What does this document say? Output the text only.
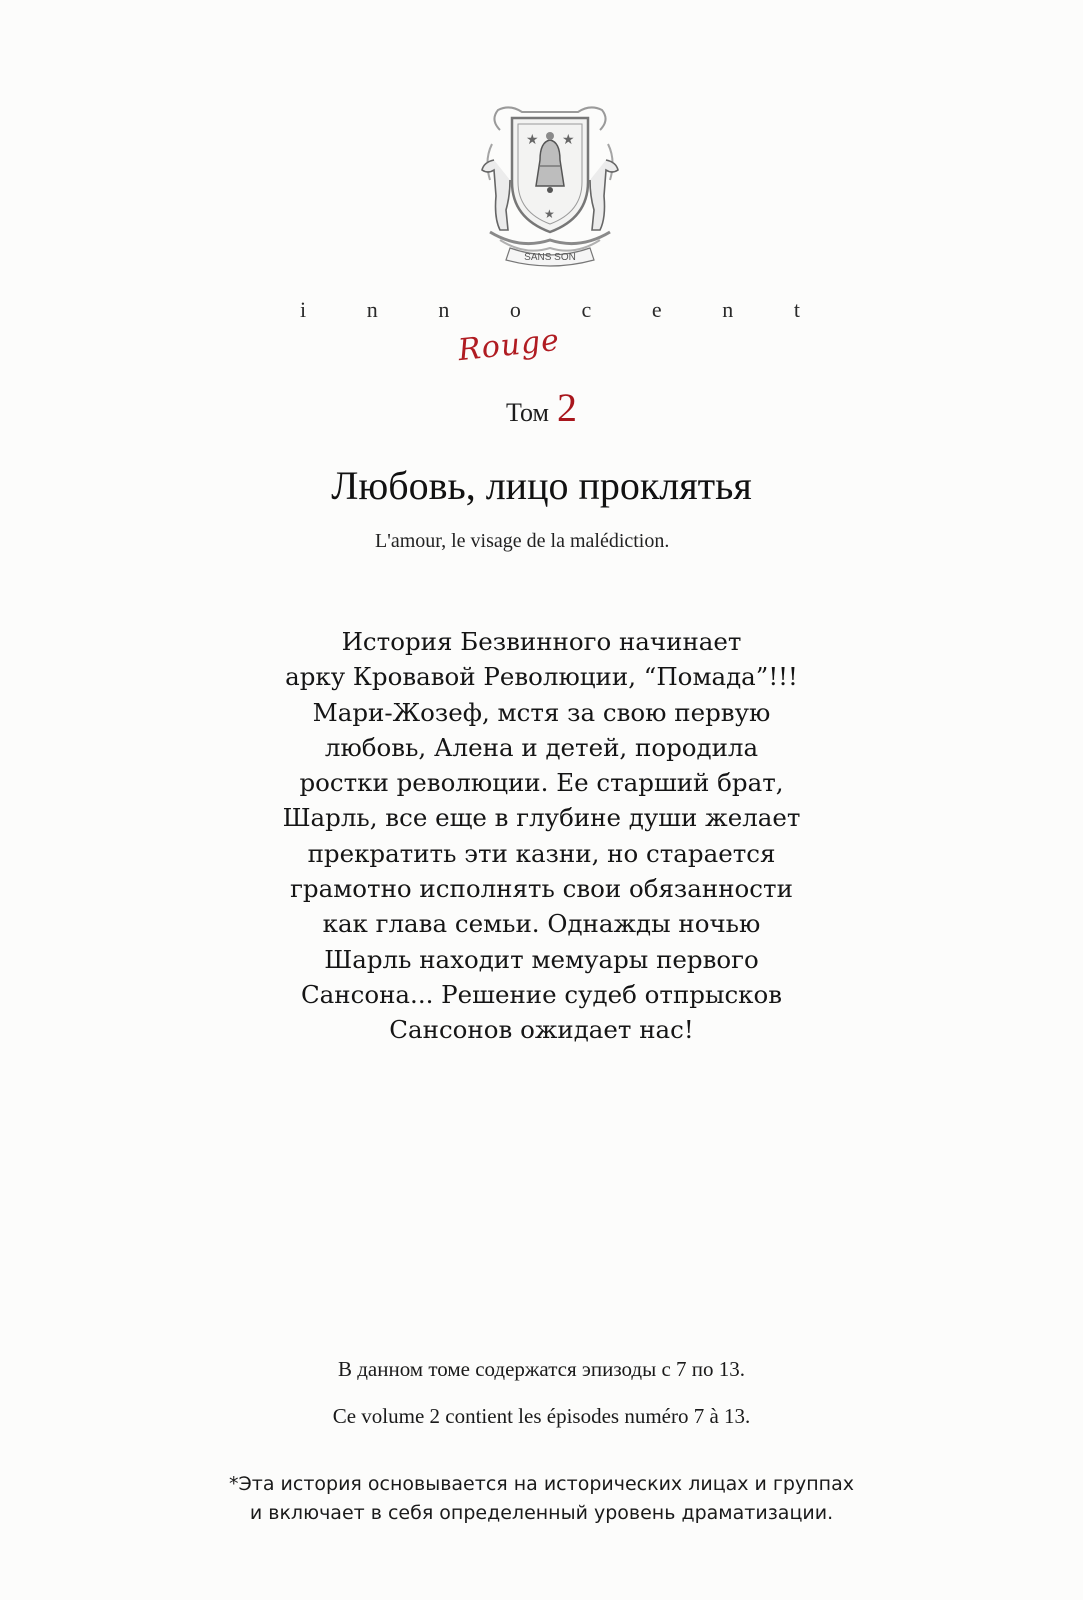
★ ★
★
SANS SON
i	n	n	o	c	e	n	t
Rouge
Том 2
Любовь, лицо проклятья
L'amour, le visage de la malédiction.
История Безвинного начинает
арку Кровавой Революции, “Помада”!!!
Мари-Жозеф, мстя за свою первую
любовь, Алена и детей, породила
ростки революции. Ее старший брат,
Шарль, все еще в глубине души желает
прекратить эти казни, но старается
грамотно исполнять свои обязанности
как глава семьи. Однажды ночью
Шарль находит мемуары первого
Сансона... Решение судеб отпрысков
Сансонов ожидает нас!
В данном томе содержатся эпизоды с 7 по 13.
Ce volume 2 contient les épisodes numéro 7 à 13.
*Эта история основывается на исторических лицах и группах
и включает в себя определенный уровень драматизации.
